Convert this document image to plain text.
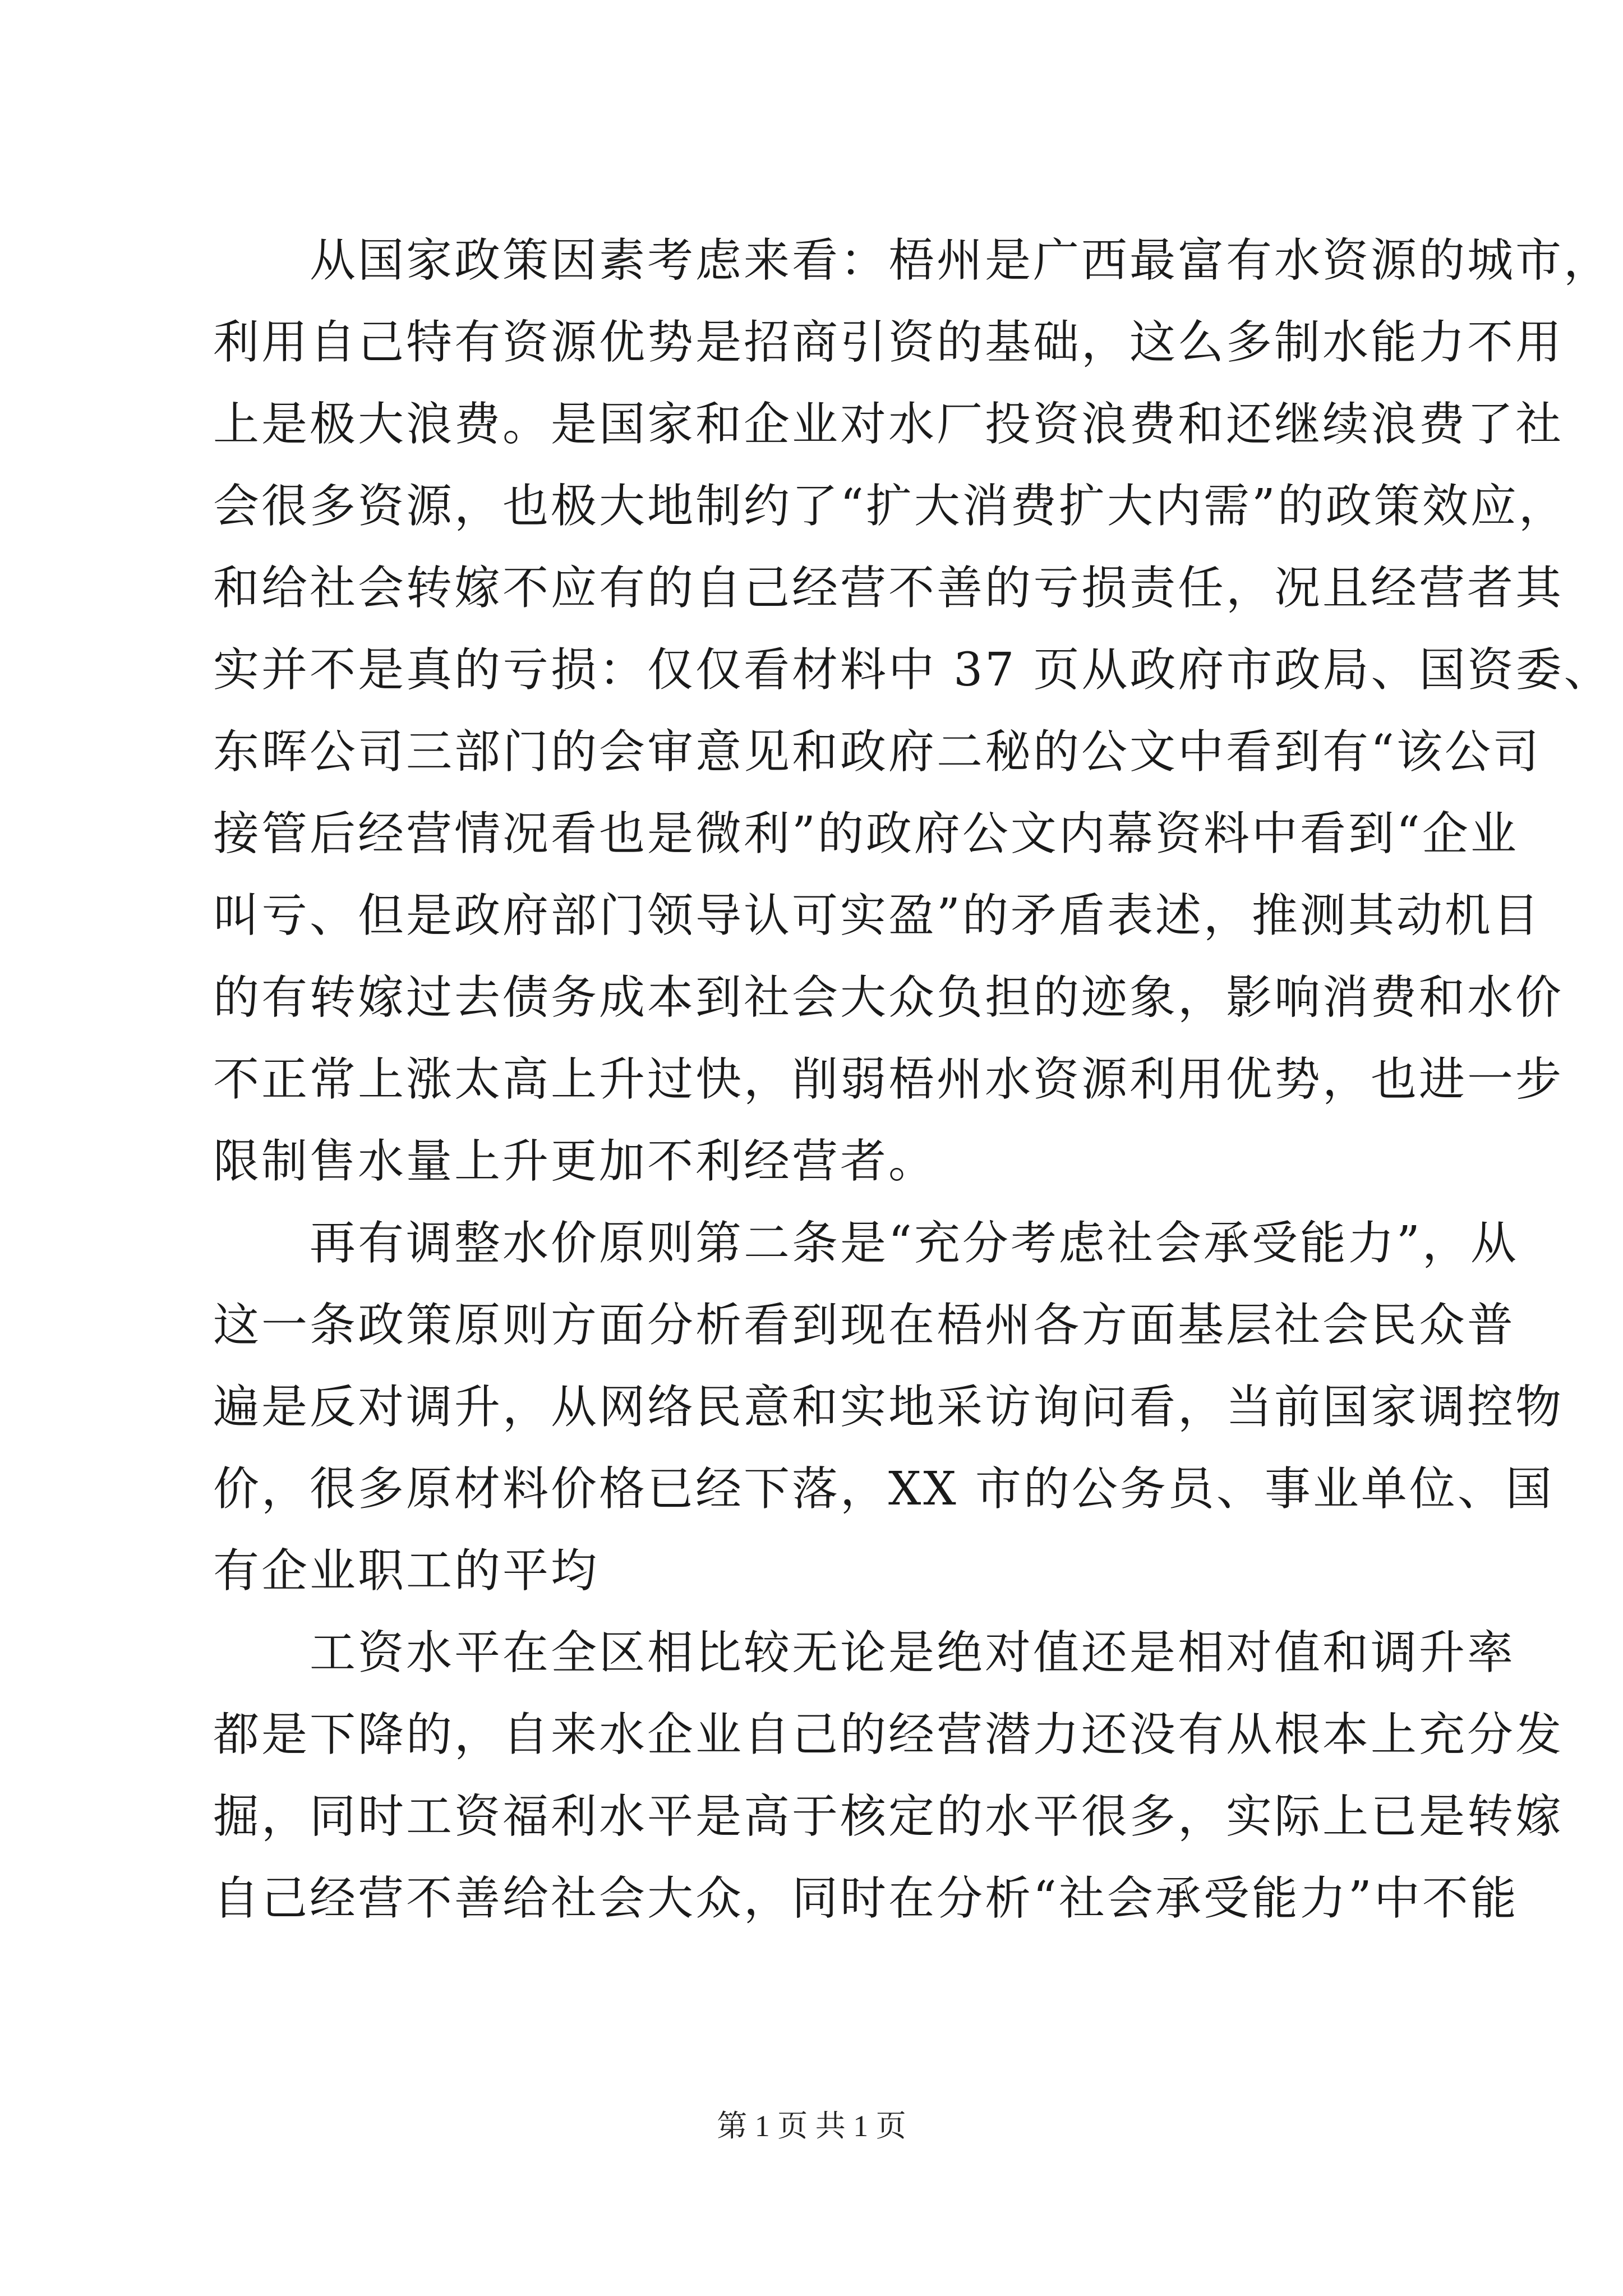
从国家政策因素考虑来看：梧州是广西最富有水资源的城市，
利用自己特有资源优势是招商引资的基础，这么多制水能力不用
上是极大浪费。是国家和企业对水厂投资浪费和还继续浪费了社
会很多资源，也极大地制约了“扩大消费扩大内需”的政策效应，
和给社会转嫁不应有的自己经营不善的亏损责任，况且经营者其
实并不是真的亏损：仅仅看材料中 37 页从政府市政局、国资委、
东晖公司三部门的会审意见和政府二秘的公文中看到有“该公司
接管后经营情况看也是微利”的政府公文内幕资料中看到“企业
叫亏、但是政府部门领导认可实盈”的矛盾表述，推测其动机目
的有转嫁过去债务成本到社会大众负担的迹象，影响消费和水价
不正常上涨太高上升过快，削弱梧州水资源利用优势，也进一步
限制售水量上升更加不利经营者。
再有调整水价原则第二条是“充分考虑社会承受能力”，从
这一条政策原则方面分析看到现在梧州各方面基层社会民众普
遍是反对调升，从网络民意和实地采访询问看，当前国家调控物
价，很多原材料价格已经下落，XX 市的公务员、事业单位、国
有企业职工的平均
工资水平在全区相比较无论是绝对值还是相对值和调升率
都是下降的，自来水企业自己的经营潜力还没有从根本上充分发
掘，同时工资福利水平是高于核定的水平很多，实际上已是转嫁
自己经营不善给社会大众，同时在分析“社会承受能力”中不能
第 1 页 共 1 页
